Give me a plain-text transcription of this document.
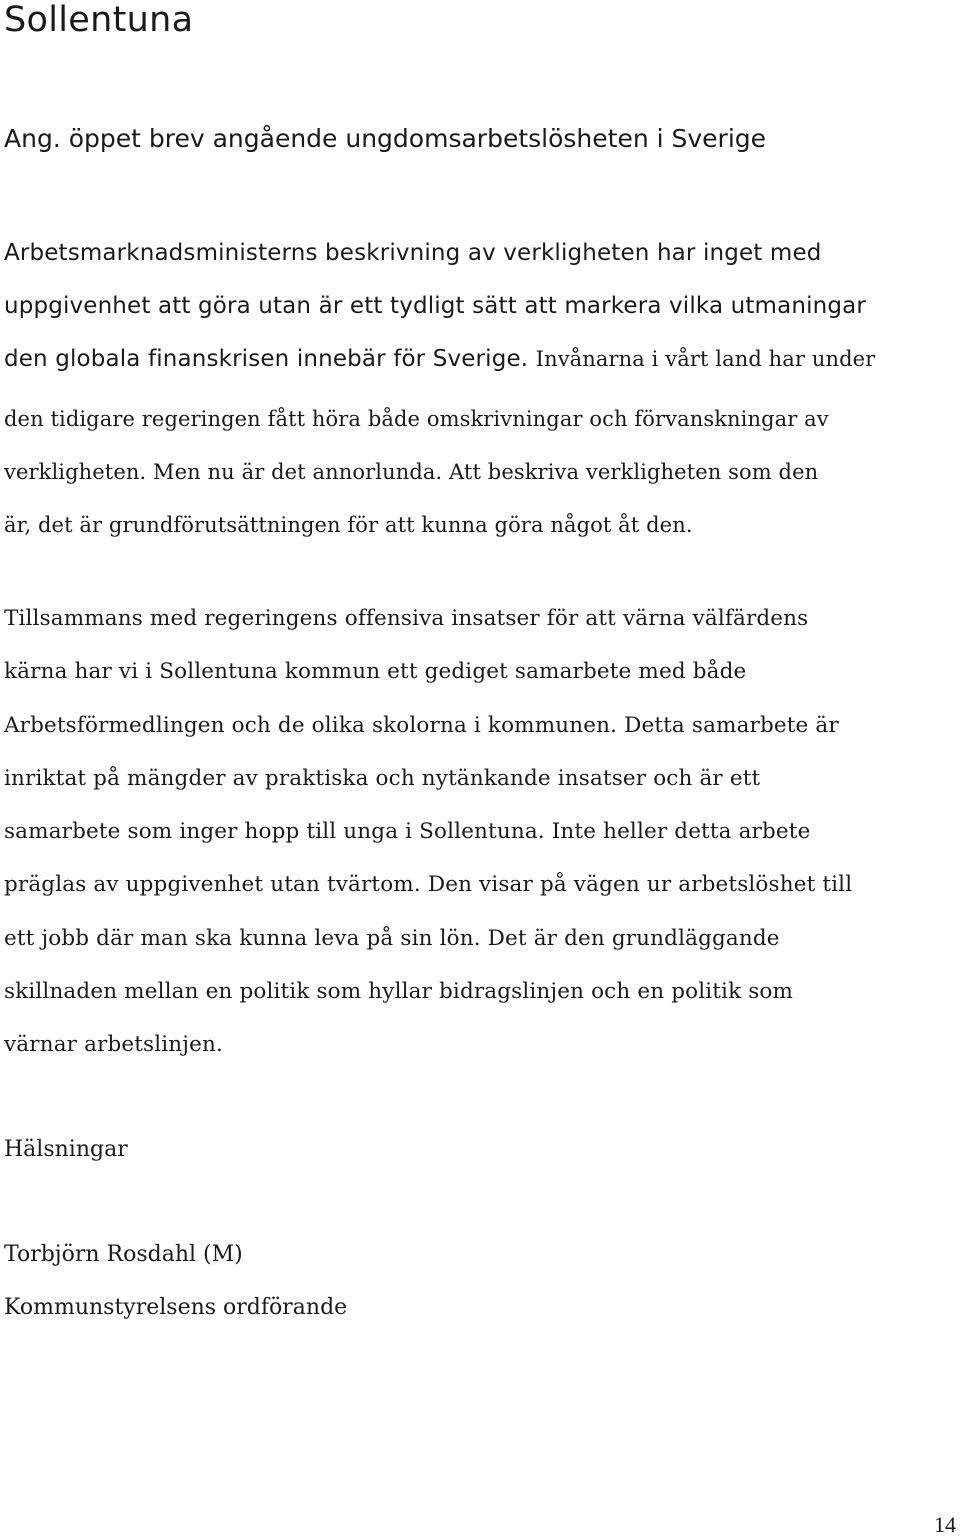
Sollentuna

Ang. öppet brev angående ungdomsarbetslösheten i Sverige

Arbetsmarknadsministerns beskrivning av verkligheten har inget med
uppgivenhet att göra utan är ett tydligt sätt att markera vilka utmaningar
den globala finanskrisen innebär för Sverige. Invånarna i vårt land har under
den tidigare regeringen fått höra både omskrivningar och förvanskningar av
verkligheten. Men nu är det annorlunda. Att beskriva verkligheten som den
är, det är grundförutsättningen för att kunna göra något åt den.
Tillsammans med regeringens offensiva insatser för att värna välfärdens
kärna har vi i Sollentuna kommun ett gediget samarbete med både
Arbetsförmedlingen och de olika skolorna i kommunen. Detta samarbete är
inriktat på mängder av praktiska och nytänkande insatser och är ett
samarbete som inger hopp till unga i Sollentuna. Inte heller detta arbete
präglas av uppgivenhet utan tvärtom. Den visar på vägen ur arbetslöshet till
ett jobb där man ska kunna leva på sin lön. Det är den grundläggande
skillnaden mellan en politik som hyllar bidragslinjen och en politik som
värnar arbetslinjen.

Hälsningar

Torbjörn Rosdahl (M)

Kommunstyrelsens ordförande

14
